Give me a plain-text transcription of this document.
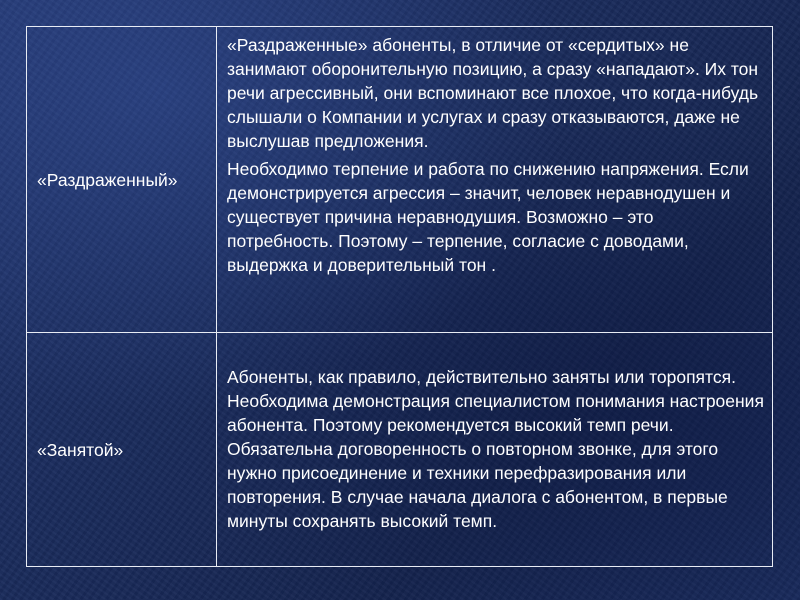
«Раздраженный»	«Раздраженные» абоненты, в отличие от «сердитых» не занимают оборонительную позицию, а сразу «нападают». Их тон речи агрессивный, они вспоминают все плохое, что когда-нибудь слышали о Компании и услугах и сразу отказываются, даже не выслушав предложения.

Необходимо терпение и работа по снижению напряжения. Если демонстрируется агрессия – значит, человек неравнодушен и существует причина неравнодушия. Возможно – это потребность. Поэтому – терпение, согласие с доводами, выдержка и доверительный тон .

«Занятой»	Абоненты, как правило, действительно заняты или торопятся. Необходима демонстрация специалистом понимания настроения абонента. Поэтому рекомендуется высокий темп речи. Обязательна договоренность о повторном звонке, для этого нужно присоединение и техники перефразирования или повторения. В случае начала диалога с абонентом, в первые минуты сохранять высокий темп.
